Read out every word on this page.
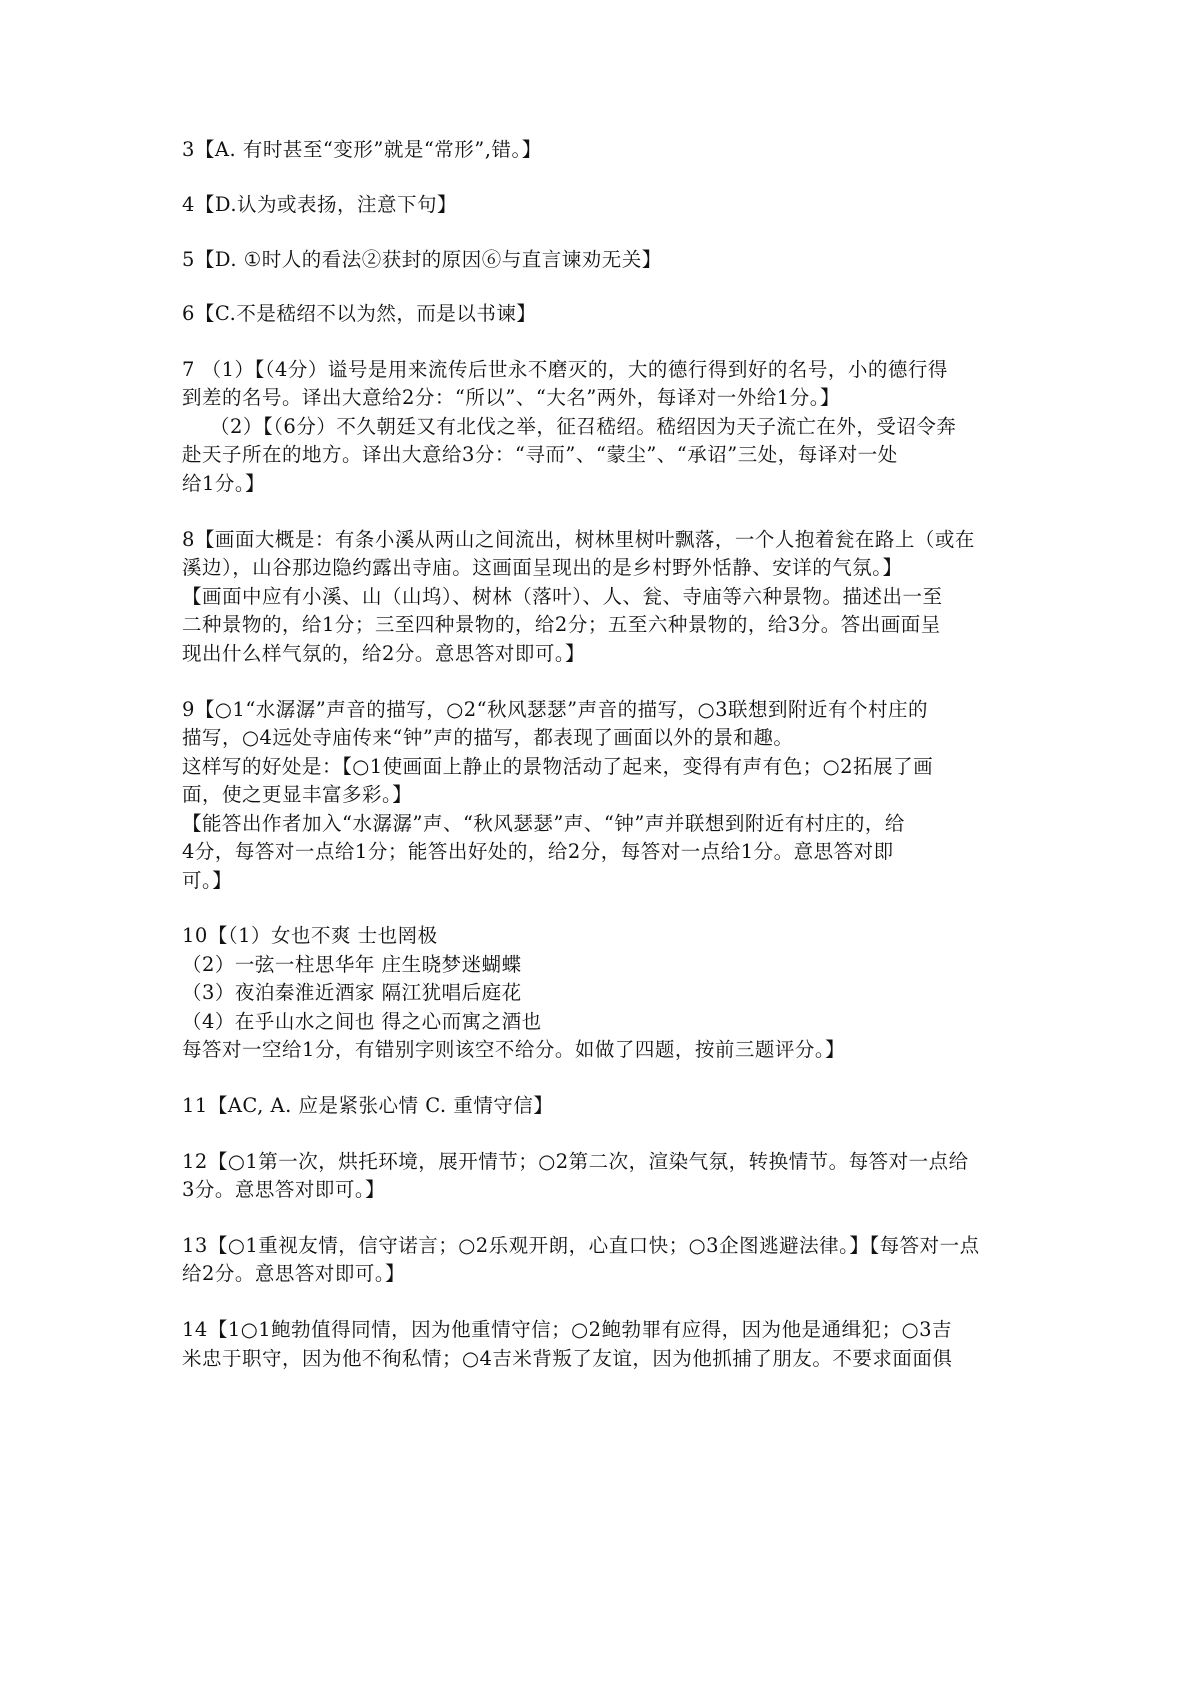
3【A. 有时甚至“变形”就是“常形”,错。】
4【D.认为或表扬，注意下句】
5【D. ①时人的看法②获封的原因⑥与直言谏劝无关】
6【C.不是嵇绍不以为然，而是以书谏】
7 （1）【（4分）谥号是用来流传后世永不磨灭的，大的德行得到好的名号，小的德行得
到差的名号。译出大意给2分：“所以”、“大名”两外，每译对一外给1分。】
（2）【（6分）不久朝廷又有北伐之举，征召嵇绍。嵇绍因为天子流亡在外，受诏令奔
赴天子所在的地方。译出大意给3分：“寻而”、“蒙尘”、“承诏”三处，每译对一处
给1分。】
8【画面大概是：有条小溪从两山之间流出，树林里树叶飘落，一个人抱着瓮在路上（或在
溪边），山谷那边隐约露出寺庙。这画面呈现出的是乡村野外恬静、安详的气氛。】
【画面中应有小溪、山（山坞）、树林（落叶）、人、瓮、寺庙等六种景物。描述出一至
二种景物的，给1分；三至四种景物的，给2分；五至六种景物的，给3分。答出画面呈
现出什么样气氛的，给2分。意思答对即可。】
9【○1“水潺潺”声音的描写，○2“秋风瑟瑟”声音的描写，○3联想到附近有个村庄的
描写，○4远处寺庙传来“钟”声的描写，都表现了画面以外的景和趣。
这样写的好处是：【○1使画面上静止的景物活动了起来，变得有声有色；○2拓展了画
面，使之更显丰富多彩。】
【能答出作者加入“水潺潺”声、“秋风瑟瑟”声、“钟”声并联想到附近有村庄的，给
4分，每答对一点给1分；能答出好处的，给2分，每答对一点给1分。意思答对即
可。】
10【（1）女也不爽 士也罔极
（2）一弦一柱思华年 庄生晓梦迷蝴蝶
（3）夜泊秦淮近酒家 隔江犹唱后庭花
（4）在乎山水之间也 得之心而寓之酒也
每答对一空给1分，有错别字则该空不给分。如做了四题，按前三题评分。】
11【AC, A. 应是紧张心情 C. 重情守信】
12【○1第一次，烘托环境，展开情节；○2第二次，渲染气氛，转换情节。每答对一点给
3分。意思答对即可。】
13【○1重视友情，信守诺言；○2乐观开朗，心直口快；○3企图逃避法律。】【每答对一点
给2分。意思答对即可。】
14【1○1鲍勃值得同情，因为他重情守信；○2鲍勃罪有应得，因为他是通缉犯；○3吉
米忠于职守，因为他不徇私情；○4吉米背叛了友谊，因为他抓捕了朋友。不要求面面俱
